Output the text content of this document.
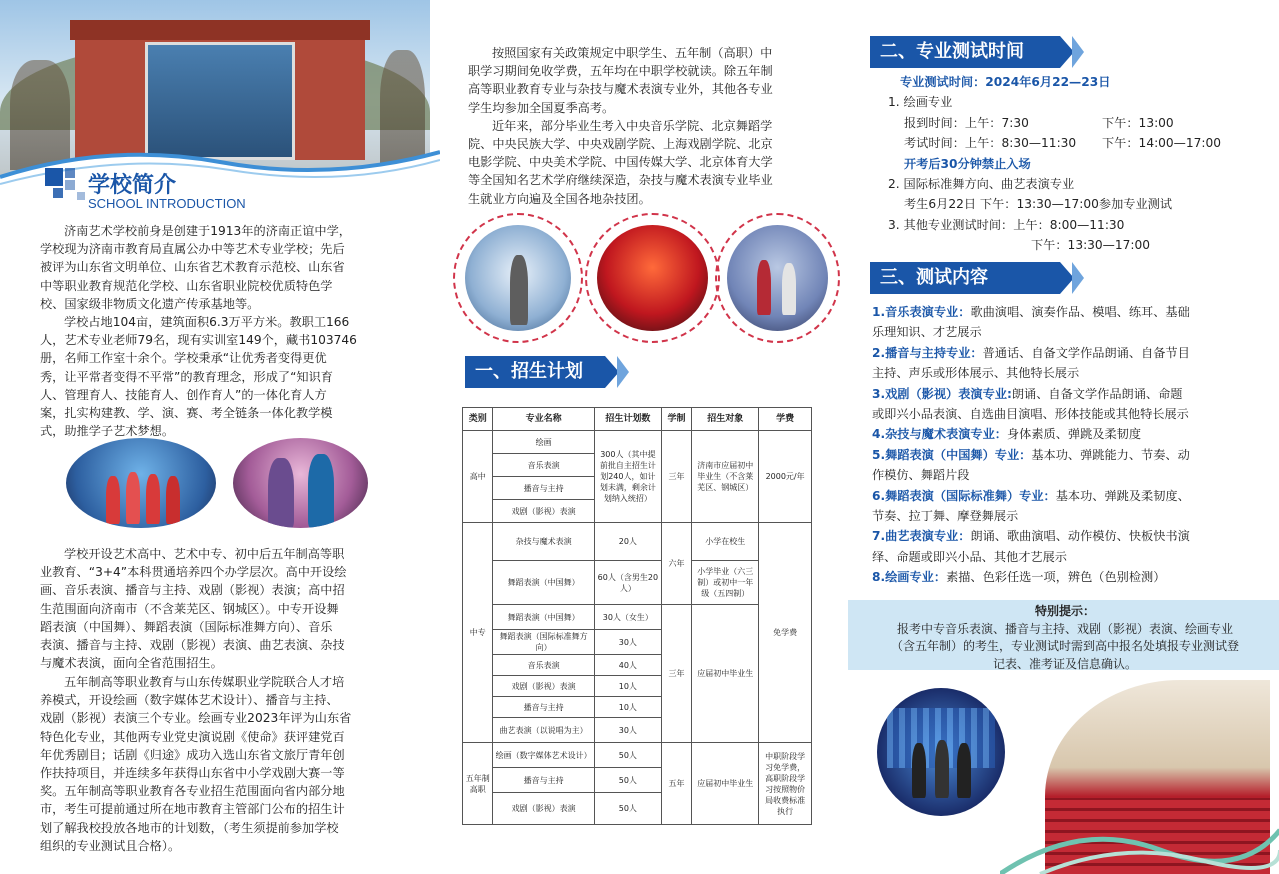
学校简介
SCHOOL INTRODUCTION
济南艺术学校前身是创建于1913年的济南正谊中学，
学校现为济南市教育局直属公办中等艺术专业学校；先后
被评为山东省文明单位、山东省艺术教育示范校、山东省
中等职业教育规范化学校、山东省职业院校优质特色学
校、国家级非物质文化遗产传承基地等。
学校占地104亩，建筑面积6.3万平方米。教职工166
人，艺术专业老师79名，现有实训室149个，藏书103746
册，名师工作室十余个。学校秉承“让优秀者变得更优
秀，让平常者变得不平常”的教育理念，形成了“知识育
人、管理育人、技能育人、创作育人”的一体化育人方
案，扎实构建教、学、演、赛、考全链条一体化教学模
式，助推学子艺术梦想。
学校开设艺术高中、艺术中专、初中后五年制高等职
业教育、“3+4”本科贯通培养四个办学层次。高中开设绘
画、音乐表演、播音与主持、戏剧（影视）表演；高中招
生范围面向济南市（不含莱芜区、钢城区）。中专开设舞
蹈表演（中国舞）、舞蹈表演（国际标准舞方向）、音乐
表演、播音与主持、戏剧（影视）表演、曲艺表演、杂技
与魔术表演，面向全省范围招生。
五年制高等职业教育与山东传媒职业学院联合人才培
养模式，开设绘画（数字媒体艺术设计）、播音与主持、
戏剧（影视）表演三个专业。绘画专业2023年评为山东省
特色化专业，其他两专业党史演说剧《使命》获评建党百
年优秀剧目；话剧《归途》成功入选山东省文旅厅青年创
作扶持项目，并连续多年获得山东省中小学戏剧大赛一等
奖。五年制高等职业教育各专业招生范围面向省内部分地
市，考生可提前通过所在地市教育主管部门公布的招生计
划了解我校投放各地市的计划数，（考生须提前参加学校
组织的专业测试且合格）。
按照国家有关政策规定中职学生、五年制（高职）中
职学习期间免收学费，五年均在中职学校就读。除五年制
高等职业教育专业与杂技与魔术表演专业外，其他各专业
学生均参加全国夏季高考。
近年来，部分毕业生考入中央音乐学院、北京舞蹈学
院、中央民族大学、中央戏剧学院、上海戏剧学院、北京
电影学院、中央美术学院、中国传媒大学、北京体育大学
等全国知名艺术学府继续深造，杂技与魔术表演专业毕业
生就业方向遍及全国各地杂技团。
一、招生计划
类别	专业名称	招生计划数	学制	招生对象	学费
高中	绘画	300人（其中提前批自主招生计划240人，如计划未满，剩余计划纳入统招）	三年	济南市应届初中毕业生（不含莱芜区、钢城区）	2000元/年
	音乐表演				
	播音与主持				
	戏剧（影视）表演				
中专	杂技与魔术表演	20人	六年	小学在校生	免学费
	舞蹈表演（中国舞）	60人（含男生20人）		小学毕业（六三制）或初中一年级（五四制）	
	舞蹈表演（中国舞）	30人（女生）	三年	应届初中毕业生	
	舞蹈表演（国际标准舞方向）	30人			
	音乐表演	40人			
	戏剧（影视）表演	10人			
	播音与主持	10人			
	曲艺表演（以说唱为主）	30人			

五年制高职	绘画（数字媒体艺术设计）	50人	五年	应届初中毕业生	中职阶段学习免学费，高职阶段学习按照物价局收费标准执行
	播音与主持	50人			
	戏剧（影视）表演	50人			
二、专业测试时间
专业测试时间：2024年6月22—23日
1. 绘画专业
报到时间：上午：7:30	下午：13:00
考试时间：上午：8:30—11:30 下午：14:00—17:00
开考后30分钟禁止入场
2. 国际标准舞方向、曲艺表演专业
考生6月22日 下午：13:30—17:00参加专业测试
3. 其他专业测试时间：上午：8:00—11:30
下午：13:30—17:00
三、测试内容
1.音乐表演专业：歌曲演唱、演奏作品、模唱、练耳、基础
乐理知识、才艺展示
2.播音与主持专业：普通话、自备文学作品朗诵、自备节目
主持、声乐或形体展示、其他特长展示
3.戏剧（影视）表演专业:朗诵、自备文学作品朗诵、命题
或即兴小品表演、自选曲目演唱、形体技能或其他特长展示
4.杂技与魔术表演专业：身体素质、弹跳及柔韧度
5.舞蹈表演（中国舞）专业：基本功、弹跳能力、节奏、动
作模仿、舞蹈片段
6.舞蹈表演（国际标准舞）专业：基本功、弹跳及柔韧度、
节奏、拉丁舞、摩登舞展示
7.曲艺表演专业：朗诵、歌曲演唱、动作模仿、快板快书演
绎、命题或即兴小品、其他才艺展示
8.绘画专业：素描、色彩任选一项，辨色（色别检测）
特别提示：
报考中专音乐表演、播音与主持、戏剧（影视）表演、绘画专业
（含五年制）的考生，专业测试时需到高中报名处填报专业测试登
记表、准考证及信息确认。
